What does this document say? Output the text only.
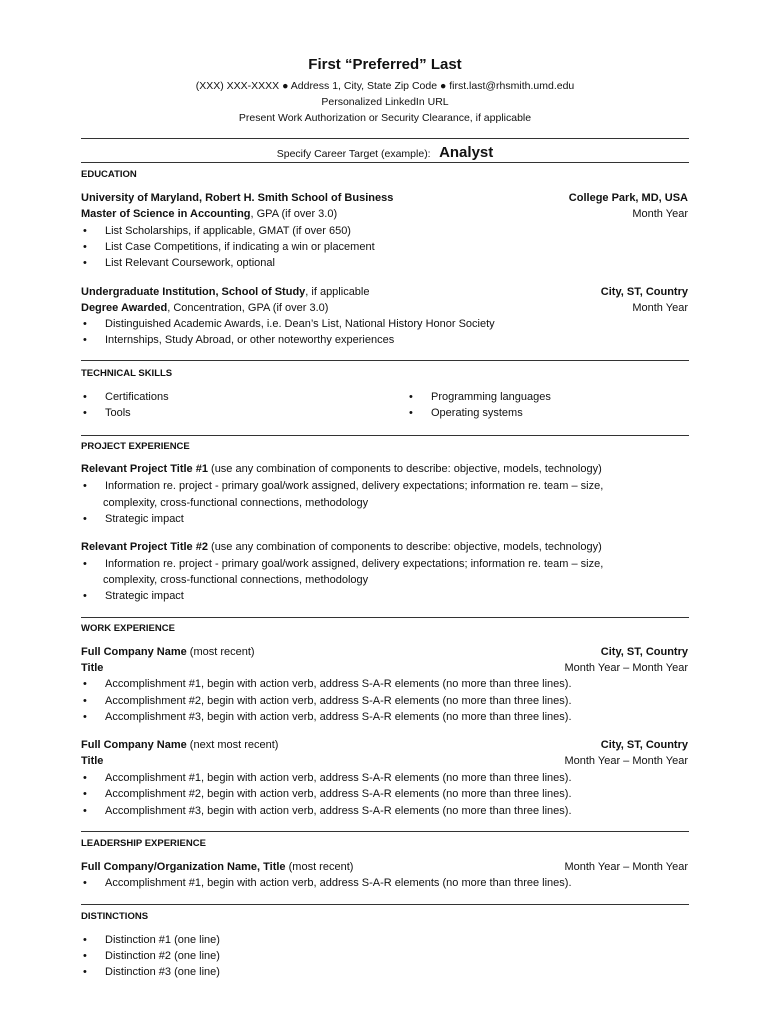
First “Preferred” Last
(XXX) XXX-XXXX ● Address 1, City, State Zip Code ● first.last@rhsmith.umd.edu
Personalized LinkedIn URL
Present Work Authorization or Security Clearance, if applicable
Specify Career Target (example): Analyst
EDUCATION
University of Maryland, Robert H. Smith School of Business	College Park, MD, USA
Master of Science in Accounting, GPA (if over 3.0)	Month Year
• List Scholarships, if applicable, GMAT (if over 650)
• List Case Competitions, if indicating a win or placement
• List Relevant Coursework, optional
Undergraduate Institution, School of Study, if applicable	City, ST, Country
Degree Awarded, Concentration, GPA (if over 3.0)	Month Year
• Distinguished Academic Awards, i.e. Dean’s List, National History Honor Society
• Internships, Study Abroad, or other noteworthy experiences
TECHNICAL SKILLS
• Certifications
• Tools
• Programming languages
• Operating systems
PROJECT EXPERIENCE
Relevant Project Title #1 (use any combination of components to describe: objective, models, technology)
• Information re. project - primary goal/work assigned, delivery expectations; information re. team – size,
complexity, cross-functional connections, methodology
• Strategic impact
Relevant Project Title #2 (use any combination of components to describe: objective, models, technology)
• Information re. project - primary goal/work assigned, delivery expectations; information re. team – size,
complexity, cross-functional connections, methodology
• Strategic impact
WORK EXPERIENCE
Full Company Name (most recent)	City, ST, Country
Title	Month Year – Month Year
• Accomplishment #1, begin with action verb, address S-A-R elements (no more than three lines).
• Accomplishment #2, begin with action verb, address S-A-R elements (no more than three lines).
• Accomplishment #3, begin with action verb, address S-A-R elements (no more than three lines).
Full Company Name (next most recent)	City, ST, Country
Title	Month Year – Month Year
• Accomplishment #1, begin with action verb, address S-A-R elements (no more than three lines).
• Accomplishment #2, begin with action verb, address S-A-R elements (no more than three lines).
• Accomplishment #3, begin with action verb, address S-A-R elements (no more than three lines).
LEADERSHIP EXPERIENCE
Full Company/Organization Name, Title (most recent)	Month Year – Month Year
• Accomplishment #1, begin with action verb, address S-A-R elements (no more than three lines).
DISTINCTIONS
• Distinction #1 (one line)
• Distinction #2 (one line)
• Distinction #3 (one line)
